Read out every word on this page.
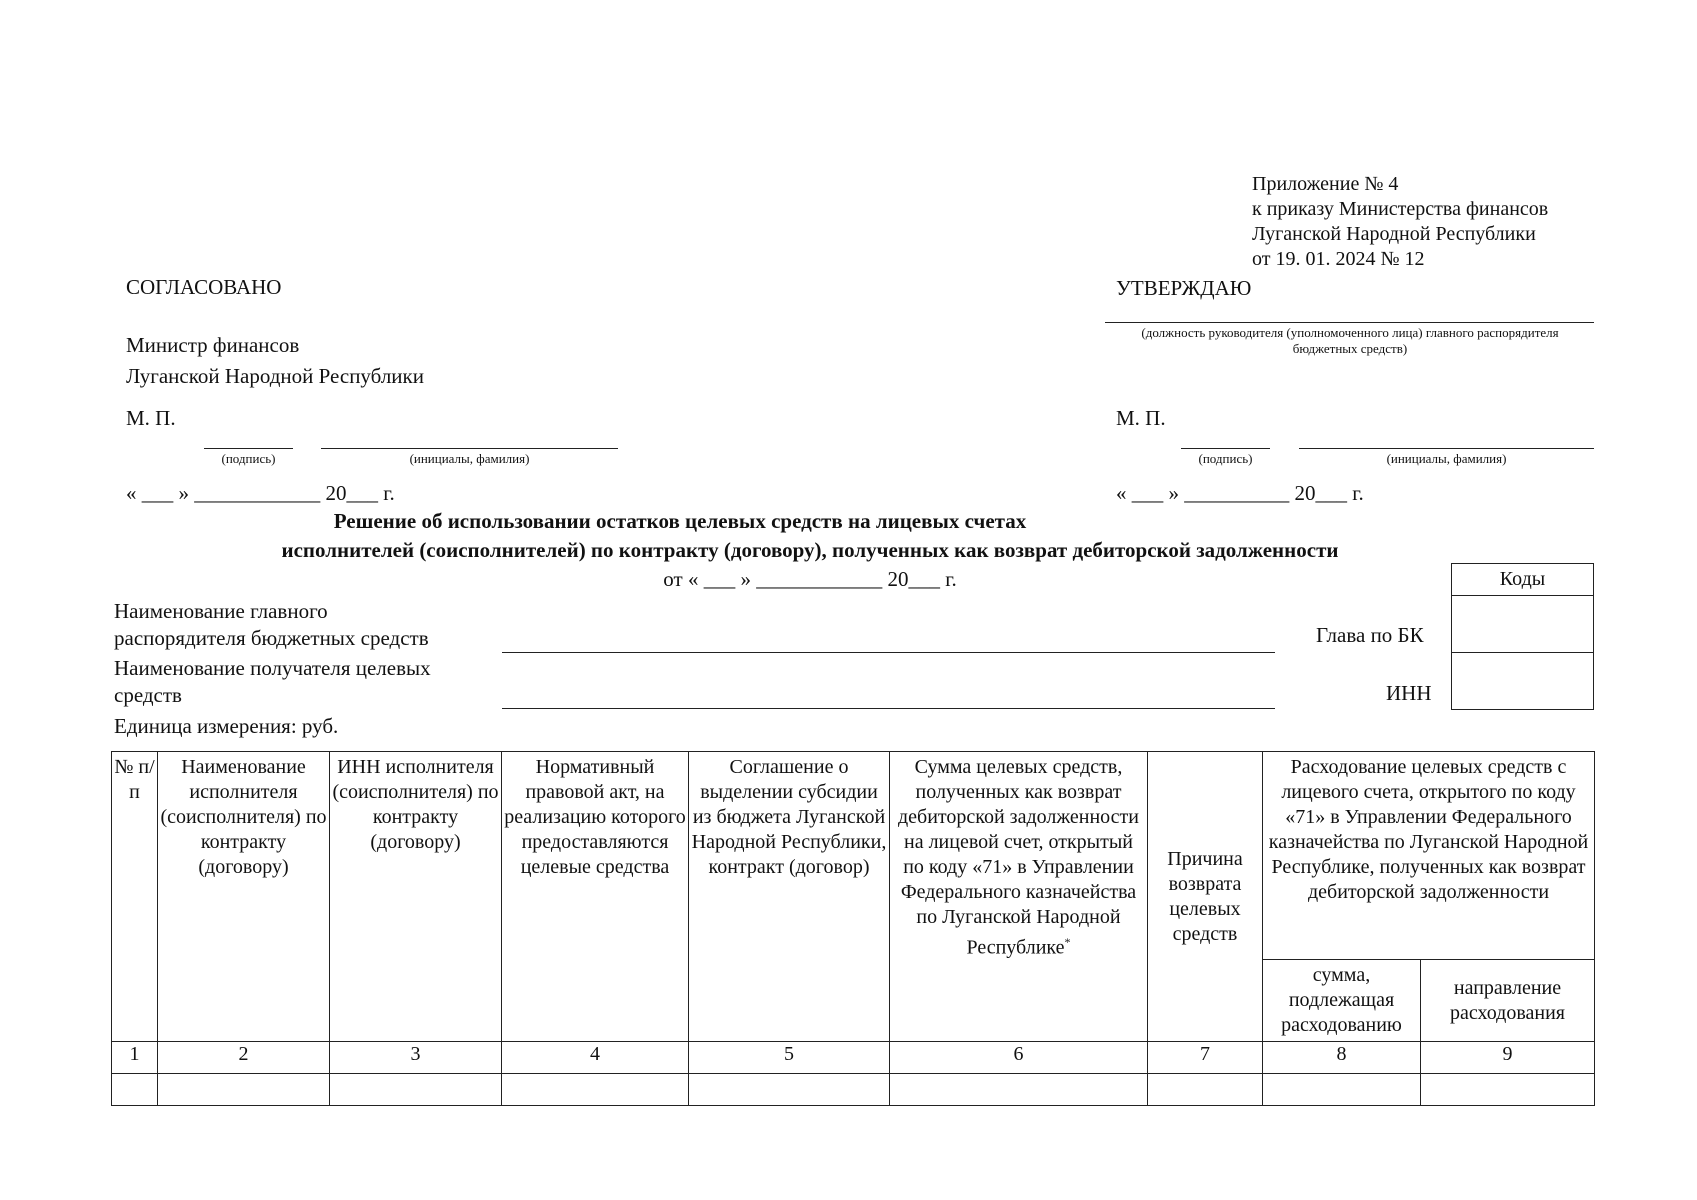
Приложение № 4
к приказу Министерства финансов
Луганской Народной Республики
от 19. 01. 2024 № 12
СОГЛАСОВАНО
Министр финансов
Луганской Народной Республики
М. П.
(подпись)	(инициалы, фамилия)
« ___ » ____________ 20___ г.
УТВЕРЖДАЮ
(должность руководителя (уполномоченного лица) главного распорядителя бюджетных средств)
М. П.
(подпись)	(инициалы, фамилия)
« ___ » __________ 20___ г.
Решение об использовании остатков целевых средств на лицевых счетах
исполнителей (соисполнителей) по контракту (договору), полученных как возврат дебиторской задолженности
от « ___ » ____________ 20___ г.	Коды

Глава по БК
ИНН
Наименование главного
распорядителя бюджетных средств
Наименование получателя целевых
средств
Единица измерения: руб.
№ п/п	Наименование исполнителя (соисполнителя) по контракту (договору)	ИНН исполнителя (соисполнителя) по контракту (договору)	Нормативный правовой акт, на реализацию которого предоставляются целевые средства	Соглашение о выделении субсидии из бюджета Луганской Народной Республики, контракт (договор)	Сумма целевых средств, полученных как возврат дебиторской задолженности на лицевой счет, открытый по коду «71» в Управлении Федерального казначейства по Луганской Народной Республике*	Причина возврата целевых средств	Расходование целевых средств с лицевого счета, открытого по коду «71» в Управлении Федерального казначейства по Луганской Народной Республике, полученных как возврат дебиторской задолженности	
							сумма, подлежащая расходованию	направление расходования
1	2	3	4	5	6	7	8	9
